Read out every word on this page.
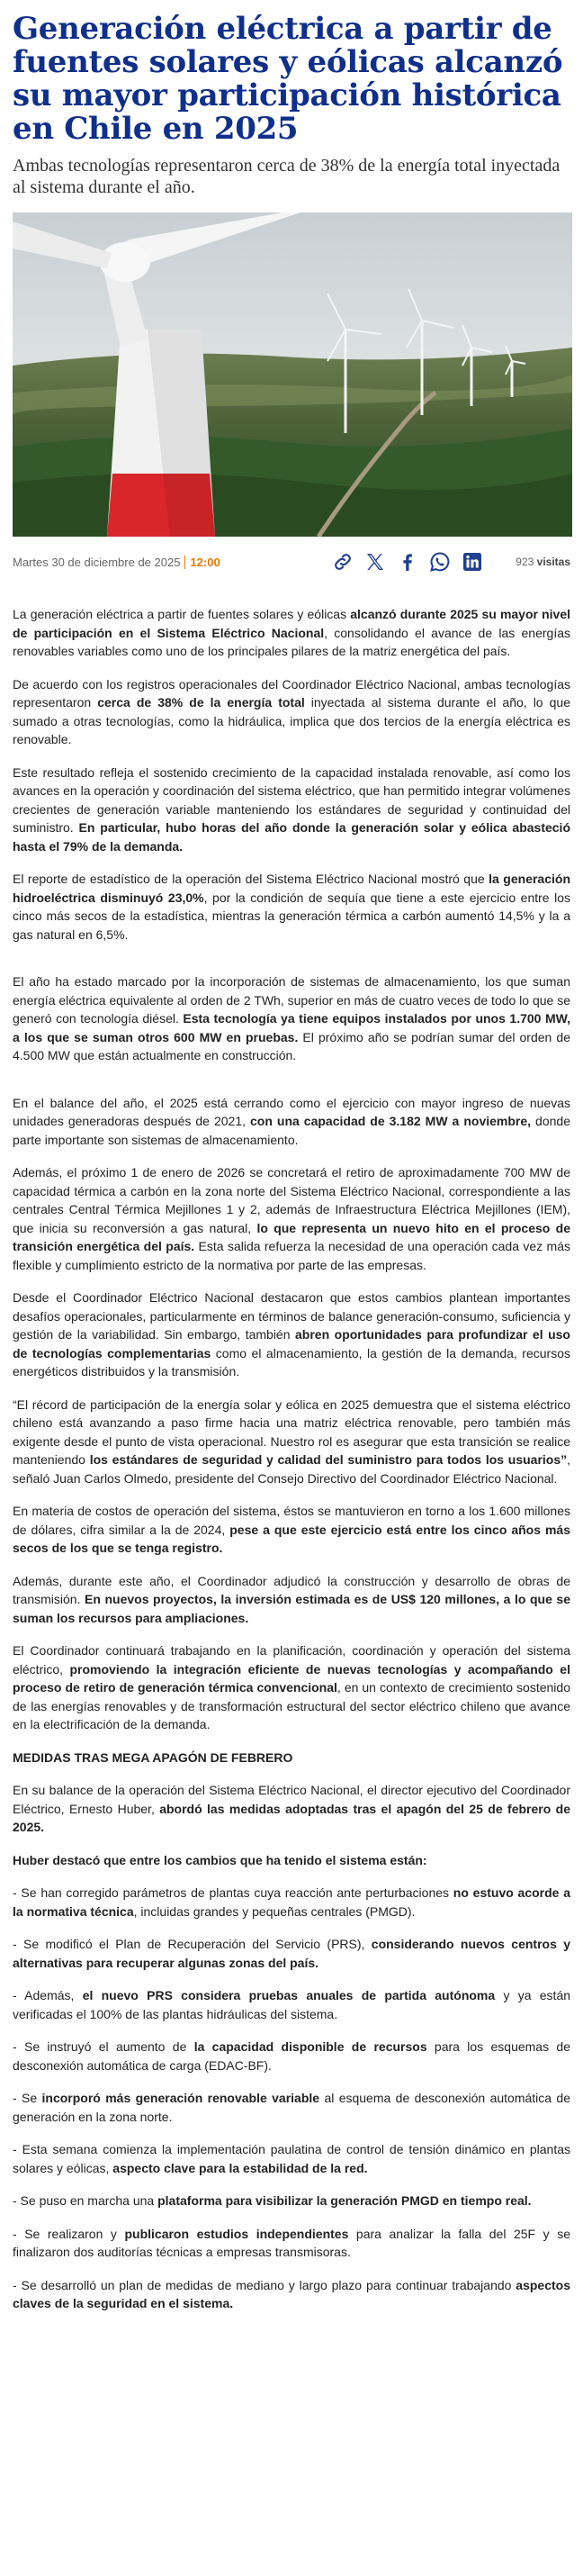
Generación eléctrica a partir de fuentes solares y eólicas alcanzó su mayor participación histórica en Chile en 2025

Ambas tecnologías representaron cerca de 38% de la energía total inyectada al sistema durante el año.

Martes 30 de diciembre de 2025 12:00	923 visitas

La generación eléctrica a partir de fuentes solares y eólicas alcanzó durante 2025 su mayor nivel de participación en el Sistema Eléctrico Nacional, consolidando el avance de las energías renovables variables como uno de los principales pilares de la matriz energética del país.

De acuerdo con los registros operacionales del Coordinador Eléctrico Nacional, ambas tecnologías representaron cerca de 38% de la energía total inyectada al sistema durante el año, lo que sumado a otras tecnologías, como la hidráulica, implica que dos tercios de la energía eléctrica es renovable.

Este resultado refleja el sostenido crecimiento de la capacidad instalada renovable, así como los avances en la operación y coordinación del sistema eléctrico, que han permitido integrar volúmenes crecientes de generación variable manteniendo los estándares de seguridad y continuidad del suministro. En particular, hubo horas del año donde la generación solar y eólica abasteció hasta el 79% de la demanda.

El reporte de estadístico de la operación del Sistema Eléctrico Nacional mostró que la generación hidroeléctrica disminuyó 23,0%, por la condición de sequía que tiene a este ejercicio entre los cinco más secos de la estadística, mientras la generación térmica a carbón aumentó 14,5% y la a gas natural en 6,5%.

El año ha estado marcado por la incorporación de sistemas de almacenamiento, los que suman energía eléctrica equivalente al orden de 2 TWh, superior en más de cuatro veces de todo lo que se generó con tecnología diésel. Esta tecnología ya tiene equipos instalados por unos 1.700 MW, a los que se suman otros 600 MW en pruebas. El próximo año se podrían sumar del orden de 4.500 MW que están actualmente en construcción.

En el balance del año, el 2025 está cerrando como el ejercicio con mayor ingreso de nuevas unidades generadoras después de 2021, con una capacidad de 3.182 MW a noviembre, donde parte importante son sistemas de almacenamiento.

Además, el próximo 1 de enero de 2026 se concretará el retiro de aproximadamente 700 MW de capacidad térmica a carbón en la zona norte del Sistema Eléctrico Nacional, correspondiente a las centrales Central Térmica Mejillones 1 y 2, además de Infraestructura Eléctrica Mejillones (IEM), que inicia su reconversión a gas natural, lo que representa un nuevo hito en el proceso de transición energética del país. Esta salida refuerza la necesidad de una operación cada vez más flexible y cumplimiento estricto de la normativa por parte de las empresas.

Desde el Coordinador Eléctrico Nacional destacaron que estos cambios plantean importantes desafíos operacionales, particularmente en términos de balance generación-consumo, suficiencia y gestión de la variabilidad. Sin embargo, también abren oportunidades para profundizar el uso de tecnologías complementarias como el almacenamiento, la gestión de la demanda, recursos energéticos distribuidos y la transmisión.

“El récord de participación de la energía solar y eólica en 2025 demuestra que el sistema eléctrico chileno está avanzando a paso firme hacia una matriz eléctrica renovable, pero también más exigente desde el punto de vista operacional. Nuestro rol es asegurar que esta transición se realice manteniendo los estándares de seguridad y calidad del suministro para todos los usuarios”, señaló Juan Carlos Olmedo, presidente del Consejo Directivo del Coordinador Eléctrico Nacional.

En materia de costos de operación del sistema, éstos se mantuvieron en torno a los 1.600 millones de dólares, cifra similar a la de 2024, pese a que este ejercicio está entre los cinco años más secos de los que se tenga registro.

Además, durante este año, el Coordinador adjudicó la construcción y desarrollo de obras de transmisión. En nuevos proyectos, la inversión estimada es de US$ 120 millones, a lo que se suman los recursos para ampliaciones.

El Coordinador continuará trabajando en la planificación, coordinación y operación del sistema eléctrico, promoviendo la integración eficiente de nuevas tecnologías y acompañando el proceso de retiro de generación térmica convencional, en un contexto de crecimiento sostenido de las energías renovables y de transformación estructural del sector eléctrico chileno que avance en la electrificación de la demanda.

MEDIDAS TRAS MEGA APAGÓN DE FEBRERO

En su balance de la operación del Sistema Eléctrico Nacional, el director ejecutivo del Coordinador Eléctrico, Ernesto Huber, abordó las medidas adoptadas tras el apagón del 25 de febrero de 2025.

Huber destacó que entre los cambios que ha tenido el sistema están:

- Se han corregido parámetros de plantas cuya reacción ante perturbaciones no estuvo acorde a la normativa técnica, incluidas grandes y pequeñas centrales (PMGD).

- Se modificó el Plan de Recuperación del Servicio (PRS), considerando nuevos centros y alternativas para recuperar algunas zonas del país.

- Además, el nuevo PRS considera pruebas anuales de partida autónoma y ya están verificadas el 100% de las plantas hidráulicas del sistema.

- Se instruyó el aumento de la capacidad disponible de recursos para los esquemas de desconexión automática de carga (EDAC-BF).

- Se incorporó más generación renovable variable al esquema de desconexión automática de generación en la zona norte.

- Esta semana comienza la implementación paulatina de control de tensión dinámico en plantas solares y eólicas, aspecto clave para la estabilidad de la red.

- Se puso en marcha una plataforma para visibilizar la generación PMGD en tiempo real.

- Se realizaron y publicaron estudios independientes para analizar la falla del 25F y se finalizaron dos auditorías técnicas a empresas transmisoras.

- Se desarrolló un plan de medidas de mediano y largo plazo para continuar trabajando aspectos claves de la seguridad en el sistema.
